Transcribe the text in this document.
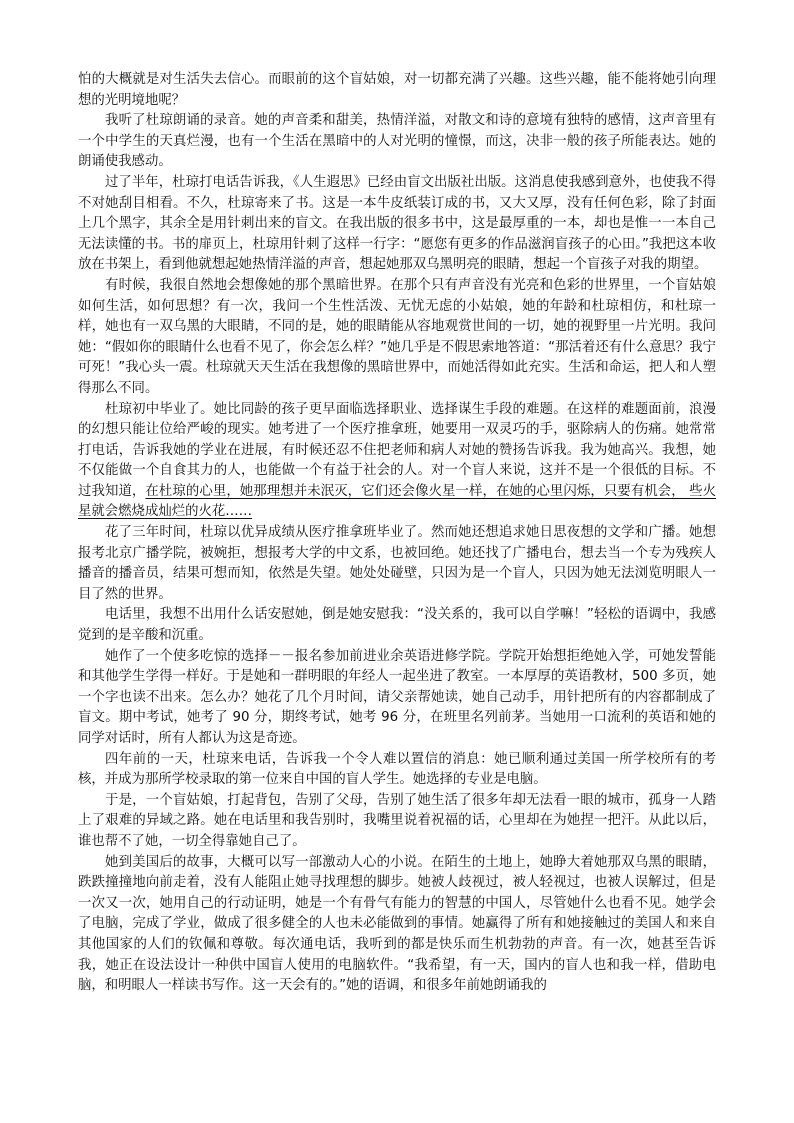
怕的大概就是对生活失去信心。而眼前的这个盲姑娘，对一切都充满了兴趣。这些兴趣，能不能将她引向理想的光明境地呢？

我听了杜琼朗诵的录音。她的声音柔和甜美，热情洋溢，对散文和诗的意境有独特的感情，这声音里有一个中学生的天真烂漫，也有一个生活在黑暗中的人对光明的憧憬，而这，决非一般的孩子所能表达。她的朗诵使我感动。

过了半年，杜琼打电话告诉我，《人生遐思》已经由盲文出版社出版。这消息使我感到意外，也使我不得不对她刮目相看。不久，杜琼寄来了书。这是一本牛皮纸装订成的书，又大又厚，没有任何色彩，除了封面上几个黑字，其余全是用针刺出来的盲文。在我出版的很多书中，这是最厚重的一本，却也是惟一一本自己无法读懂的书。书的扉页上，杜琼用针刺了这样一行字：“愿您有更多的作品滋润盲孩子的心田。”我把这本收放在书架上，看到他就想起她热情洋溢的声音，想起她那双乌黑明亮的眼睛，想起一个盲孩子对我的期望。

有时候，我很自然地会想像她的那个黑暗世界。在那个只有声音没有光亮和色彩的世界里，一个盲姑娘如何生活，如何思想？有一次，我问一个生性活泼、无忧无虑的小姑娘，她的年龄和杜琼相仿，和杜琼一样，她也有一双乌黑的大眼睛，不同的是，她的眼睛能从容地观赏世间的一切，她的视野里一片光明。我问她：“假如你的眼睛什么也看不见了，你会怎么样？”她几乎是不假思索地答道：“那活着还有什么意思？我宁可死！”我心头一震。杜琼就天天生活在我想像的黑暗世界中，而她活得如此充实。生活和命运，把人和人塑得那么不同。

杜琼初中毕业了。她比同龄的孩子更早面临选择职业、选择谋生手段的难题。在这样的难题面前，浪漫的幻想只能让位给严峻的现实。她考进了一个医疗推拿班，她要用一双灵巧的手，驱除病人的伤痛。她常常打电话，告诉我她的学业在进展，有时候还忍不住把老师和病人对她的赞扬告诉我。我为她高兴。我想，她不仅能做一个自食其力的人，也能做一个有益于社会的人。对一个盲人来说，这并不是一个很低的目标。不过我知道，在杜琼的心里，她那理想并未泯灭，它们还会像火星一样，在她的心里闪烁，只要有机会， 些火星就会燃烧成灿烂的火花……

花了三年时间，杜琼以优异成绩从医疗推拿班毕业了。然而她还想追求她日思夜想的文学和广播。她想报考北京广播学院，被婉拒，想报考大学的中文系，也被回绝。她还找了广播电台，想去当一个专为残疾人播音的播音员，结果可想而知，依然是失望。她处处碰壁，只因为是一个盲人，只因为她无法浏览明眼人一目了然的世界。

电话里，我想不出用什么话安慰她，倒是她安慰我：“没关系的，我可以自学嘛！”轻松的语调中，我感觉到的是辛酸和沉重。

她作了一个使多吃惊的选择－－报名参加前进业余英语进修学院。学院开始想拒绝她入学，可她发誓能和其他学生学得一样好。于是她和一群明眼的年经人一起坐进了教室。一本厚厚的英语教材，500 多页，她一个字也读不出来。怎么办？她花了几个月时间，请父亲帮她读，她自己动手，用针把所有的内容都制成了盲文。期中考试，她考了 90 分，期终考试，她考 96 分，在班里名列前茅。当她用一口流利的英语和她的同学对话时，所有人都认为这是奇迹。

四年前的一天，杜琼来电话，告诉我一个令人难以置信的消息：她已顺利通过美国一所学校所有的考核，并成为那所学校录取的第一位来自中国的盲人学生。她选择的专业是电脑。

于是，一个盲姑娘，打起背包，告别了父母，告别了她生活了很多年却无法看一眼的城市，孤身一人踏上了艰难的异域之路。她在电话里和我告别时，我嘴里说着祝福的话，心里却在为她捏一把汗。从此以后，谁也帮不了她，一切全得靠她自己了。

她到美国后的故事，大概可以写一部激动人心的小说。在陌生的土地上，她睁大着她那双乌黑的眼睛，跌跌撞撞地向前走着，没有人能阻止她寻找理想的脚步。她被人歧视过，被人轻视过，也被人误解过，但是一次又一次，她用自己的行动证明，她是一个有骨气有能力的智慧的中国人，尽管她什么也看不见。她学会了电脑，完成了学业，做成了很多健全的人也未必能做到的事情。她赢得了所有和她接触过的美国人和来自其他国家的人们的钦佩和尊敬。每次通电话，我听到的都是快乐而生机勃勃的声音。有一次，她甚至告诉我，她正在设法设计一种供中国盲人使用的电脑软件。“我希望，有一天，国内的盲人也和我一样，借助电脑，和明眼人一样读书写作。这一天会有的。”她的语调，和很多年前她朗诵我的
